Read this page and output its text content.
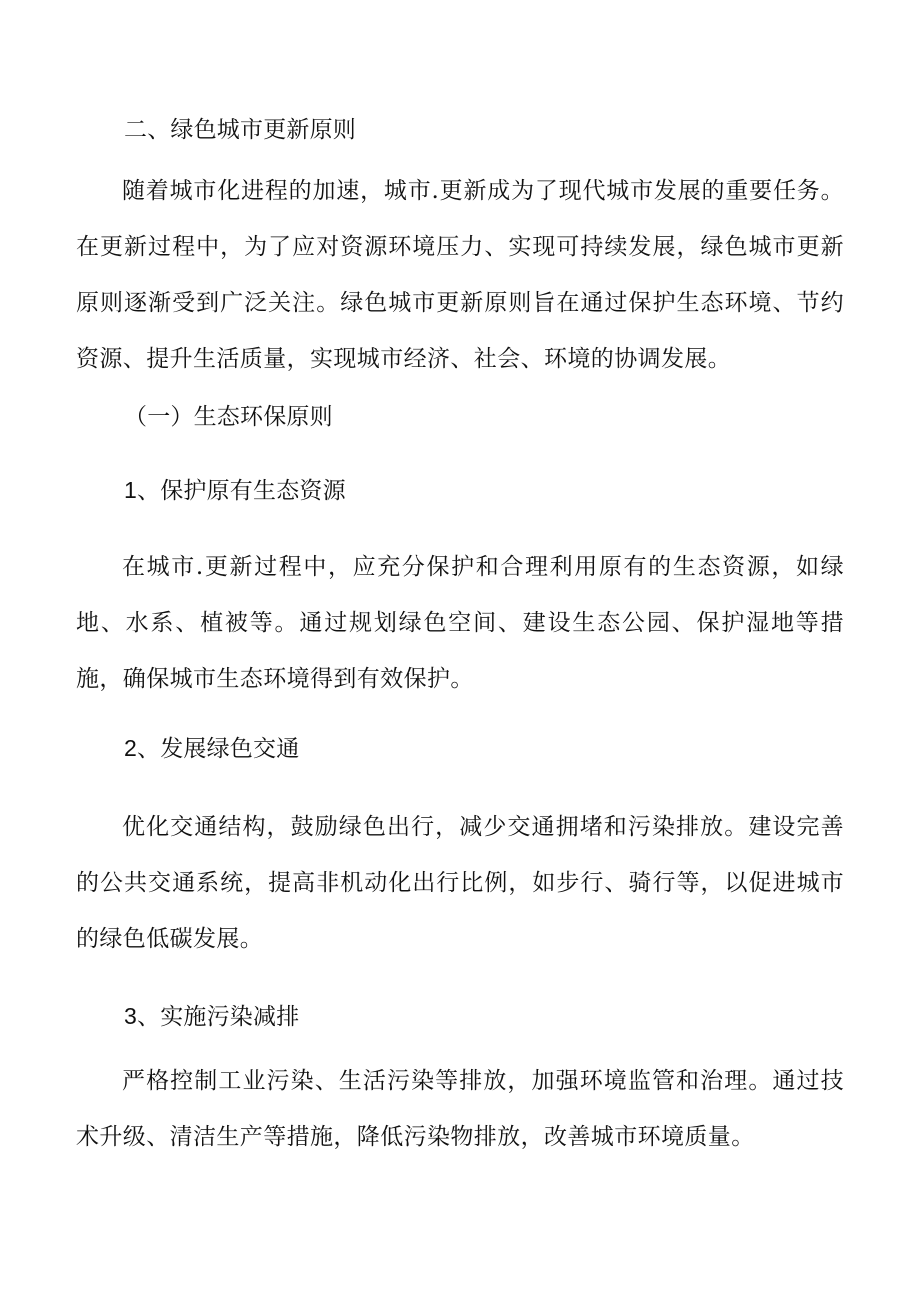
二、绿色城市更新原则

随着城市化进程的加速，城市.更新成为了现代城市发展的重要任务。在更新过程中，为了应对资源环境压力、实现可持续发展，绿色城市更新原则逐渐受到广泛关注。绿色城市更新原则旨在通过保护生态环境、节约资源、提升生活质量，实现城市经济、社会、环境的协调发展。

（一）生态环保原则

1、保护原有生态资源

在城市.更新过程中，应充分保护和合理利用原有的生态资源，如绿地、水系、植被等。通过规划绿色空间、建设生态公园、保护湿地等措施，确保城市生态环境得到有效保护。

2、发展绿色交通

优化交通结构，鼓励绿色出行，减少交通拥堵和污染排放。建设完善的公共交通系统，提高非机动化出行比例，如步行、骑行等，以促进城市的绿色低碳发展。

3、实施污染减排

严格控制工业污染、生活污染等排放，加强环境监管和治理。通过技术升级、清洁生产等措施，降低污染物排放，改善城市环境质量。
